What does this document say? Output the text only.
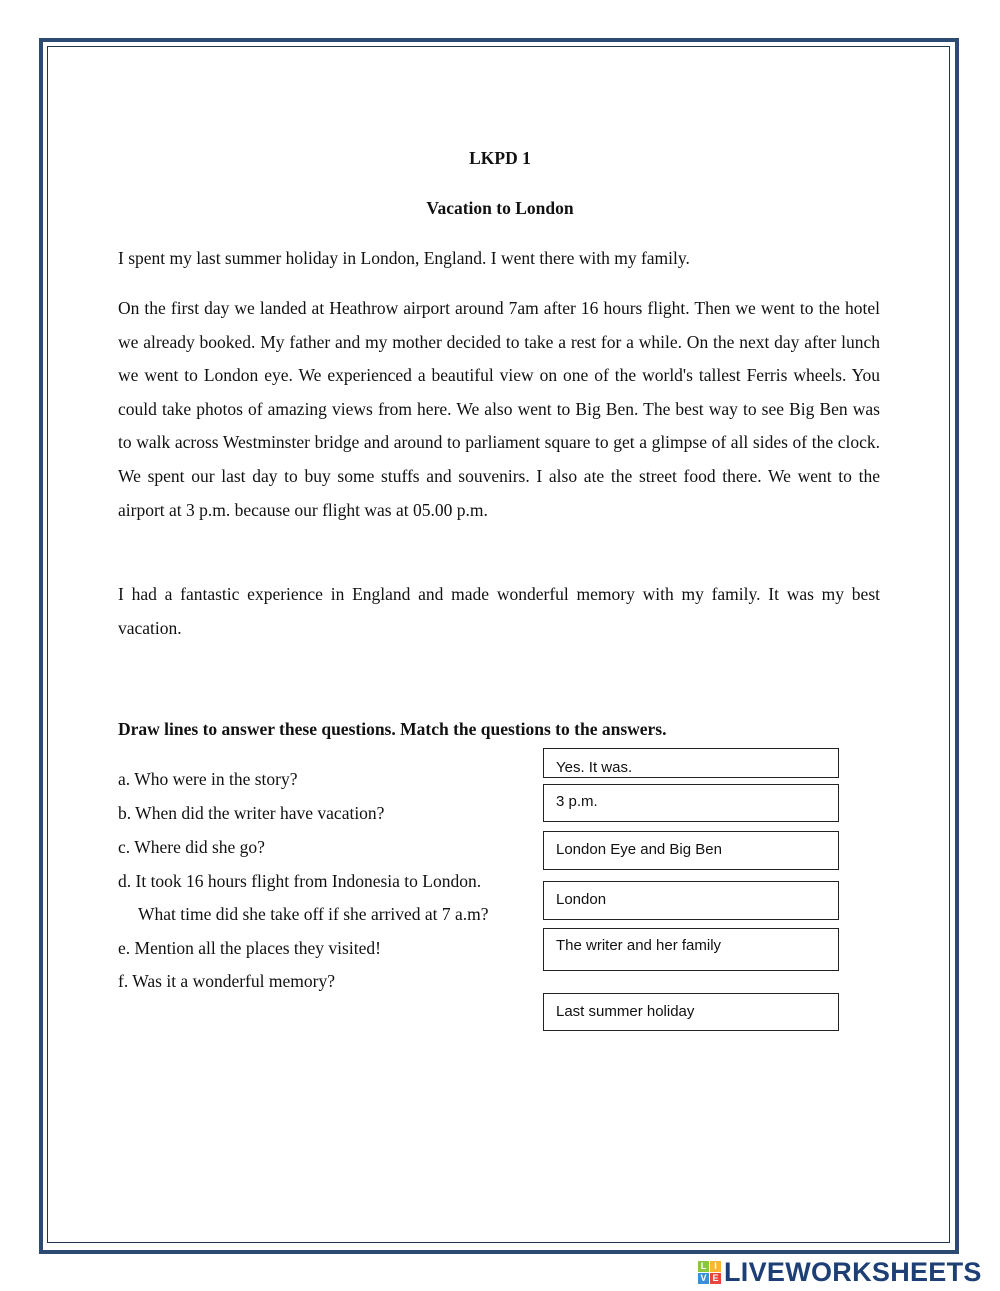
LKPD 1
Vacation to London

I spent my last summer holiday in London, England. I went there with my family.

On the first day we landed at Heathrow airport around 7am after 16 hours flight. Then we went to the hotel we already booked. My father and my mother decided to take a rest for a while. On the next day after lunch we went to London eye. We experienced a beautiful view on one of the world's tallest Ferris wheels. You could take photos of amazing views from here. We also went to Big Ben. The best way to see Big Ben was to walk across Westminster bridge and around to parliament square to get a glimpse of all sides of the clock. We spent our last day to buy some stuffs and souvenirs. I also ate the street food there. We went to the airport at 3 p.m. because our flight was at 05.00 p.m.

I had a fantastic experience in England and made wonderful memory with my family. It was my best vacation.

Draw lines to answer these questions. Match the questions to the answers.
a. Who were in the story?
b. When did the writer have vacation?
c. Where did she go?
d. It took 16 hours flight from Indonesia to London.
What time did she take off if she arrived at 7 a.m?
e. Mention all the places they visited!
f. Was it a wonderful memory?
Yes. It was.
3 p.m.
London Eye and Big Ben
London
The writer and her family
Last summer holiday
L I
V E LIVEWORKSHEETS
